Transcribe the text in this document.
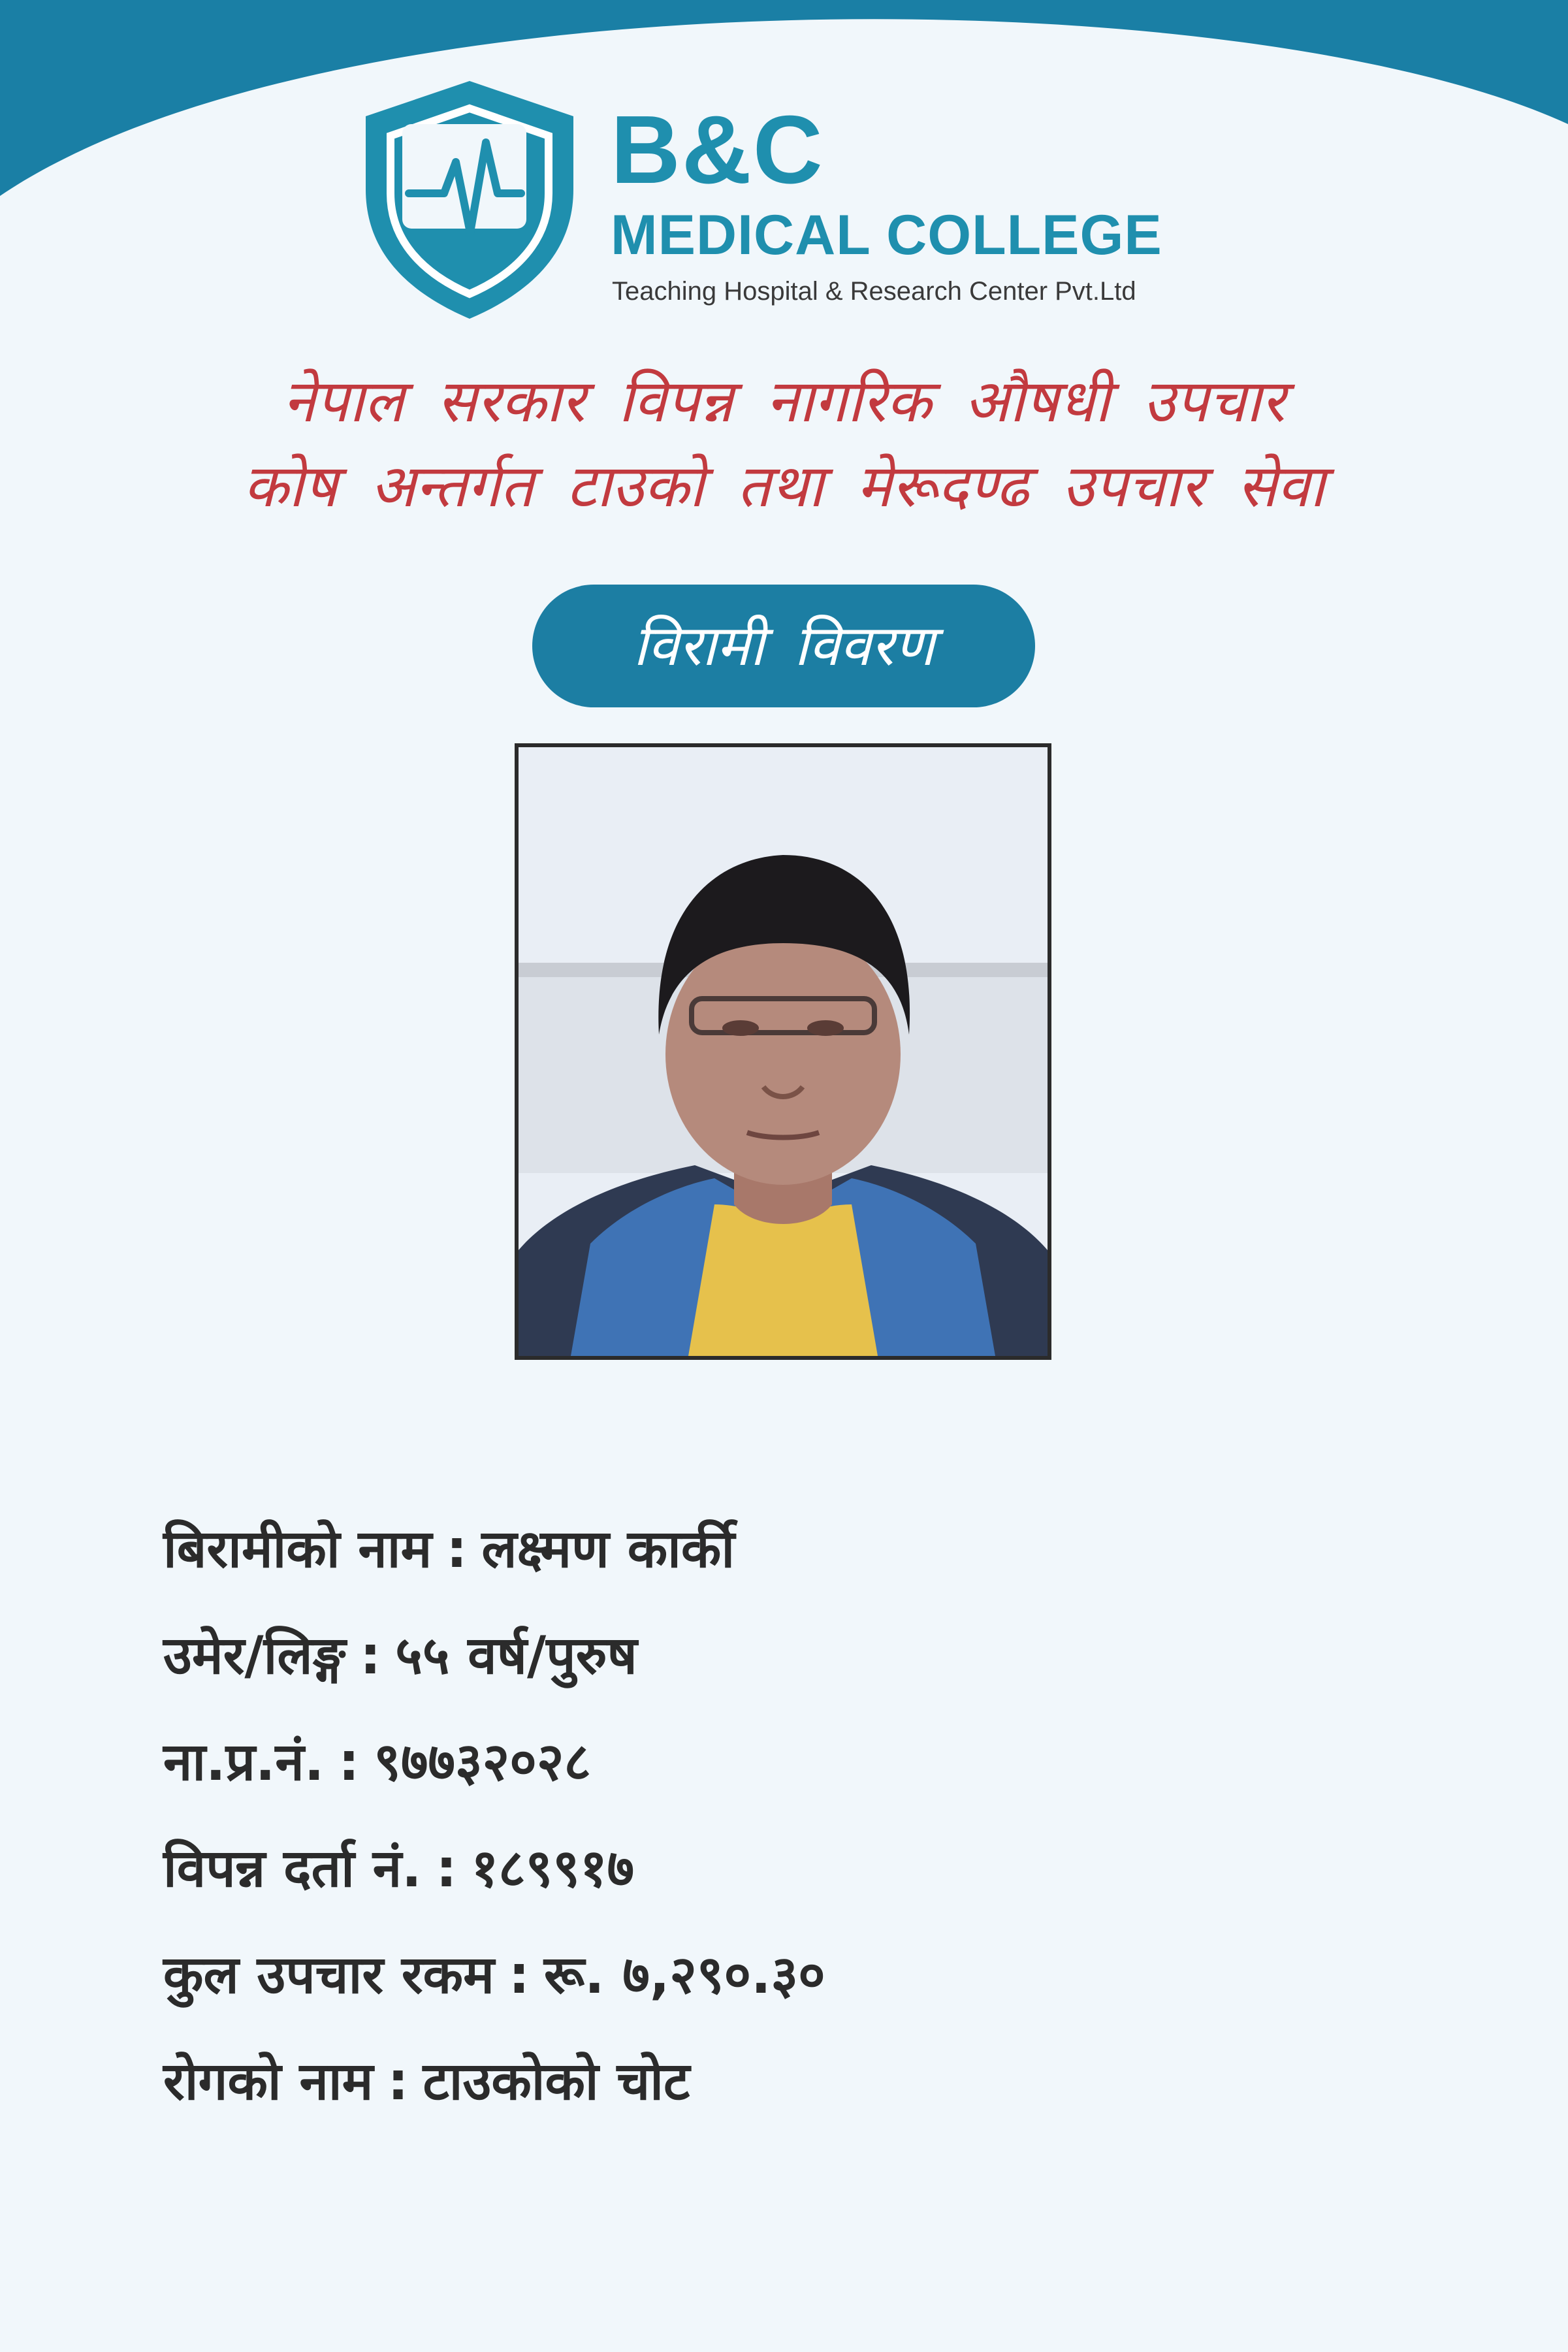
B&C
MEDICAL COLLEGE
Teaching Hospital & Research Center Pvt.Ltd
नेपाल सरकार विपन्न नागरिक औषधी उपचार
कोष अन्तर्गत टाउको तथा मेरूदण्ढ उपचार सेवा
विरामी विवरण
बिरामीको नाम : लक्ष्मण कार्की
उमेर/लिङ्ग : ५५ वर्ष/पुरुष
ना.प्र.नं. : ९७७३२०२८
विपन्न दर्ता नं. : १८९९१७
कुल उपचार रकम : रू. ७,२९०.३०
रोगको नाम : टाउकोको चोट
